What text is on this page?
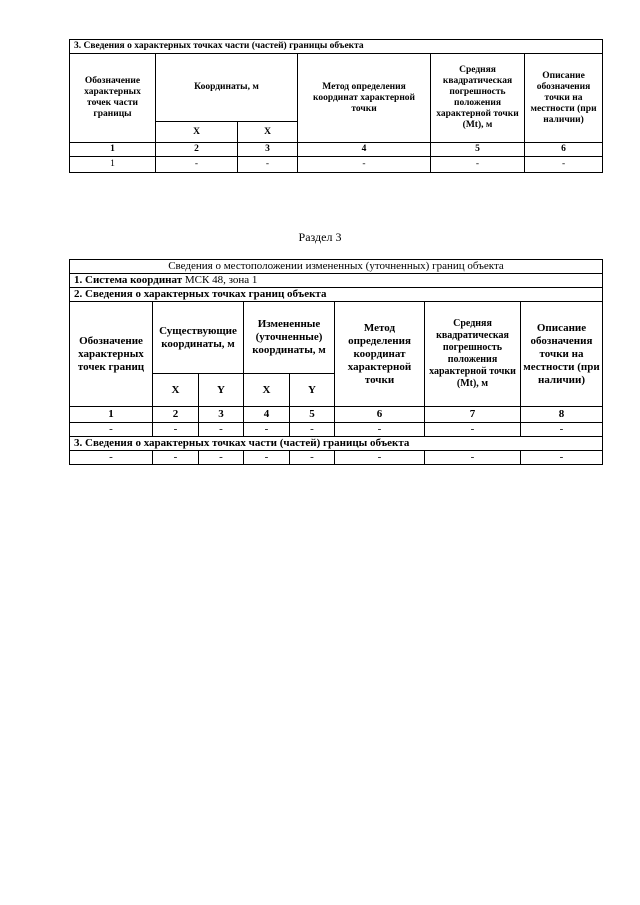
3. Сведения о характерных точках части (частей) границы объекта					
Обозначение характерных точек части границы	Координаты, м		Метод определения координат характерной точки	Средняя квадратическая погрешность положения характерной точки (Mt), м	Описание обозначения точки на местности (при наличии)
	X	X			
1	2	3	4	5	6
1	-	-	-	-	-
Раздел 3
Сведения о местоположении измененных (уточненных) границ объекта							
1. Система координат МСК 48, зона 1							
2. Сведения о характерных точках границ объекта							
Обозначение характерных точек границ	Существующие координаты, м		Измененные (уточненные) координаты, м		Метод определения координат характерной точки	Средняя квадратическая погрешность положения характерной точки (Mt), м	Описание обозначения точки на местности (при наличии)
	X	Y	X	Y			
1	2	3	4	5	6	7	8
-	-	-	-	-	-	-	-
3. Сведения о характерных точках части (частей) границы объекта							
-	-	-	-	-	-	-	-
